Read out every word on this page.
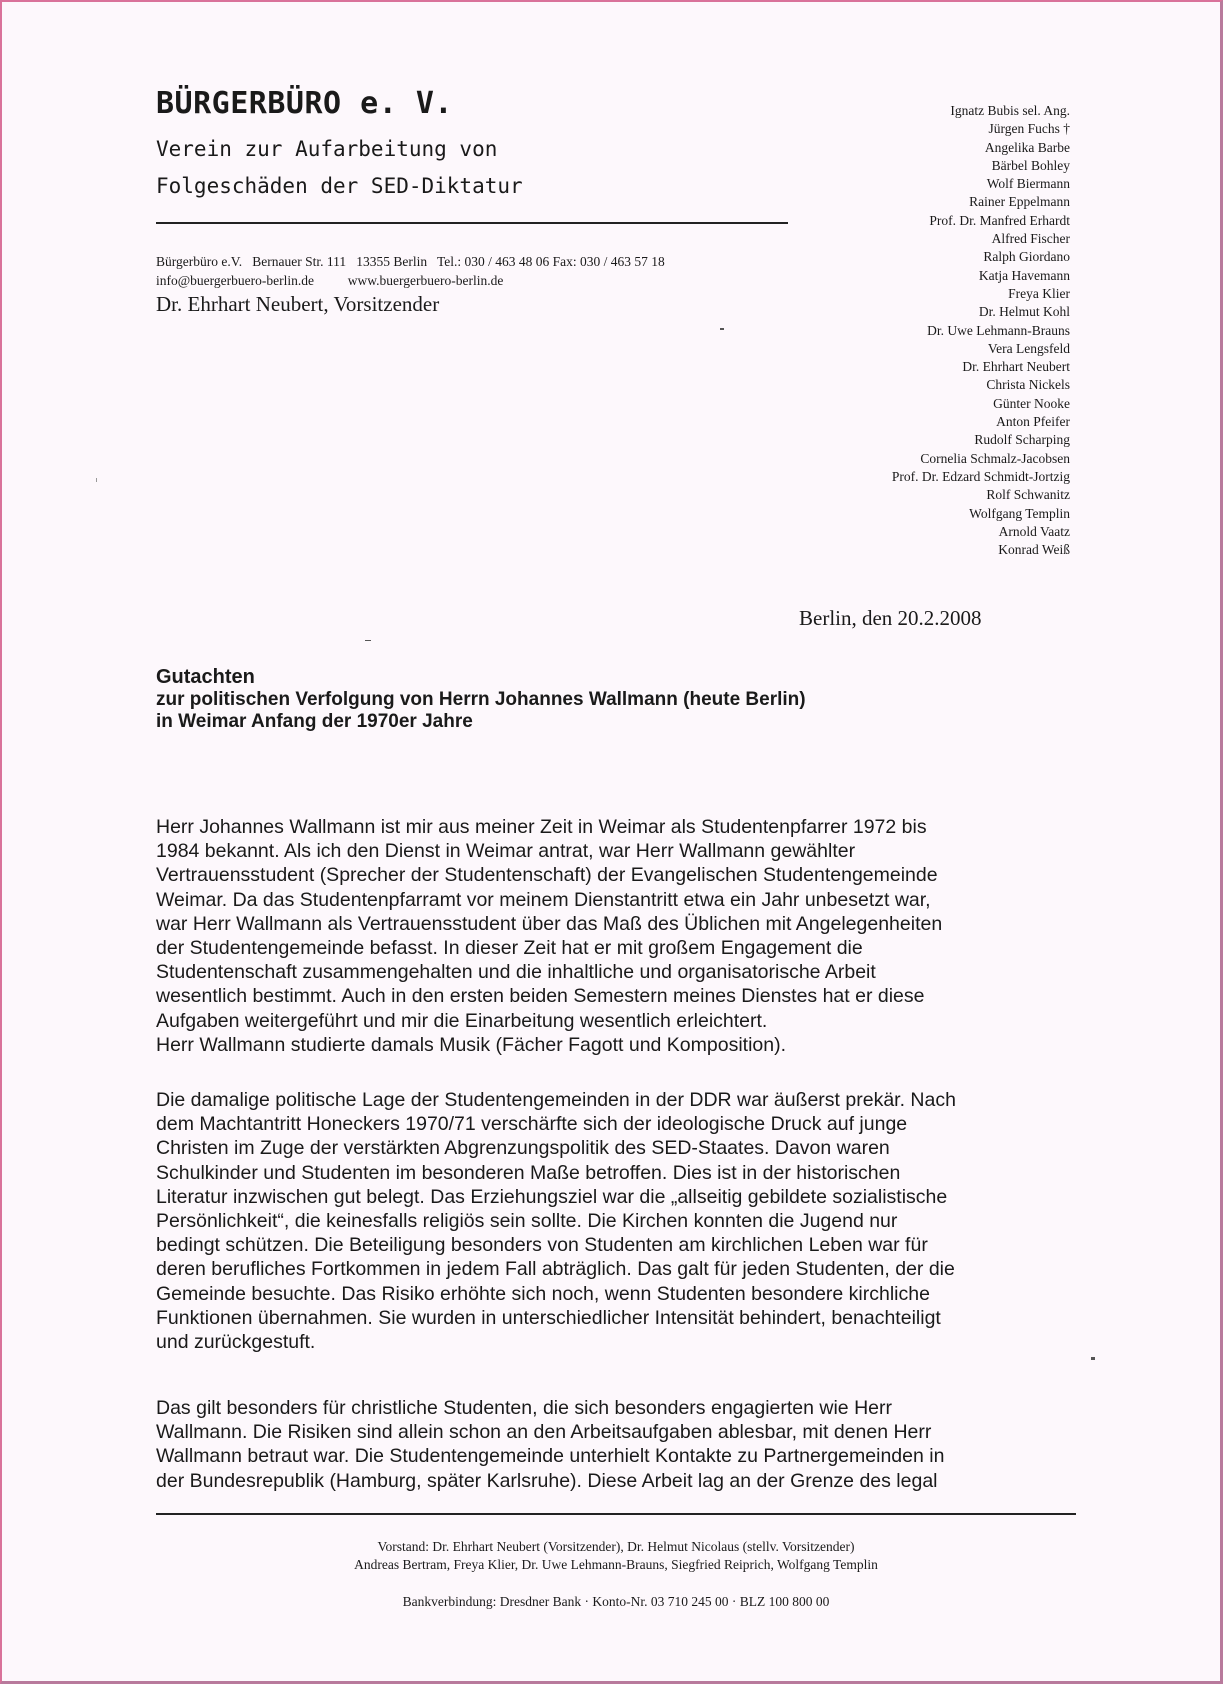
BÜRGERBÜRO e. V.

Verein zur Aufarbeitung von

Folgeschäden der SED-Diktatur

Bürgerbüro e.V.   Bernauer Str. 111   13355 Berlin   Tel.: 030 / 463 48 06 Fax: 030 / 463 57 18

info@buergerbuero-berlin.de          www.buergerbuero-berlin.de

Dr. Ehrhart Neubert, Vorsitzender

Ignatz Bubis sel. Ang.
Jürgen Fuchs †
Angelika Barbe
Bärbel Bohley
Wolf Biermann
Rainer Eppelmann
Prof. Dr. Manfred Erhardt
Alfred Fischer
Ralph Giordano
Katja Havemann
Freya Klier
Dr. Helmut Kohl
Dr. Uwe Lehmann-Brauns
Vera Lengsfeld
Dr. Ehrhart Neubert
Christa Nickels
Günter Nooke
Anton Pfeifer
Rudolf Scharping
Cornelia Schmalz-Jacobsen
Prof. Dr. Edzard Schmidt-Jortzig
Rolf Schwanitz
Wolfgang Templin
Arnold Vaatz
Konrad Weiß

Berlin, den 20.2.2008

Gutachten
zur politischen Verfolgung von Herrn Johannes Wallmann (heute Berlin)
in Weimar Anfang der 1970er Jahre

Herr Johannes Wallmann ist mir aus meiner Zeit in Weimar als Studentenpfarrer 1972 bis
1984 bekannt. Als ich den Dienst in Weimar antrat, war Herr Wallmann gewählter
Vertrauensstudent (Sprecher der Studentenschaft) der Evangelischen Studentengemeinde
Weimar. Da das Studentenpfarramt vor meinem Dienstantritt etwa ein Jahr unbesetzt war,
war Herr Wallmann als Vertrauensstudent über das Maß des Üblichen mit Angelegenheiten
der Studentengemeinde befasst. In dieser Zeit hat er mit großem Engagement die
Studentenschaft zusammengehalten und die inhaltliche und organisatorische Arbeit
wesentlich bestimmt. Auch in den ersten beiden Semestern meines Dienstes hat er diese
Aufgaben weitergeführt und mir die Einarbeitung wesentlich erleichtert.
Herr Wallmann studierte damals Musik (Fächer Fagott und Komposition).

Die damalige politische Lage der Studentengemeinden in der DDR war äußerst prekär. Nach
dem Machtantritt Honeckers 1970/71 verschärfte sich der ideologische Druck auf junge
Christen im Zuge der verstärkten Abgrenzungspolitik des SED-Staates. Davon waren
Schulkinder und Studenten im besonderen Maße betroffen. Dies ist in der historischen
Literatur inzwischen gut belegt. Das Erziehungsziel war die „allseitig gebildete sozialistische
Persönlichkeit“, die keinesfalls religiös sein sollte. Die Kirchen konnten die Jugend nur
bedingt schützen. Die Beteiligung besonders von Studenten am kirchlichen Leben war für
deren berufliches Fortkommen in jedem Fall abträglich. Das galt für jeden Studenten, der die
Gemeinde besuchte. Das Risiko erhöhte sich noch, wenn Studenten besondere kirchliche
Funktionen übernahmen. Sie wurden in unterschiedlicher Intensität behindert, benachteiligt
und zurückgestuft.

Das gilt besonders für christliche Studenten, die sich besonders engagierten wie Herr
Wallmann. Die Risiken sind allein schon an den Arbeitsaufgaben ablesbar, mit denen Herr
Wallmann betraut war. Die Studentengemeinde unterhielt Kontakte zu Partnergemeinden in
der Bundesrepublik (Hamburg, später Karlsruhe). Diese Arbeit lag an der Grenze des legal

Vorstand: Dr. Ehrhart Neubert (Vorsitzender), Dr. Helmut Nicolaus (stellv. Vorsitzender)
Andreas Bertram, Freya Klier, Dr. Uwe Lehmann-Brauns, Siegfried Reiprich, Wolfgang Templin
Bankverbindung: Dresdner Bank · Konto-Nr. 03 710 245 00 · BLZ 100 800 00
